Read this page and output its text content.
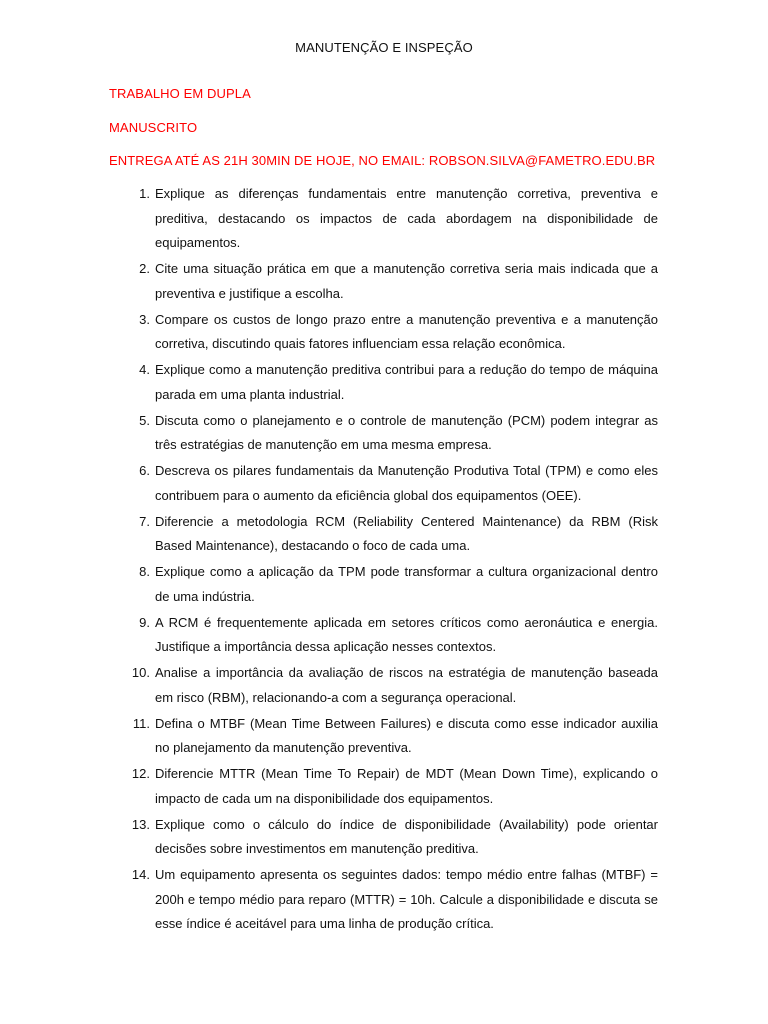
MANUTENÇÃO E INSPEÇÃO
TRABALHO EM DUPLA
MANUSCRITO
ENTREGA ATÉ AS 21H 30MIN DE HOJE, NO EMAIL: ROBSON.SILVA@FAMETRO.EDU.BR
1. Explique as diferenças fundamentais entre manutenção corretiva, preventiva e preditiva, destacando os impactos de cada abordagem na disponibilidade de equipamentos.
2. Cite uma situação prática em que a manutenção corretiva seria mais indicada que a preventiva e justifique a escolha.
3. Compare os custos de longo prazo entre a manutenção preventiva e a manutenção corretiva, discutindo quais fatores influenciam essa relação econômica.
4. Explique como a manutenção preditiva contribui para a redução do tempo de máquina parada em uma planta industrial.
5. Discuta como o planejamento e o controle de manutenção (PCM) podem integrar as três estratégias de manutenção em uma mesma empresa.
6. Descreva os pilares fundamentais da Manutenção Produtiva Total (TPM) e como eles contribuem para o aumento da eficiência global dos equipamentos (OEE).
7. Diferencie a metodologia RCM (Reliability Centered Maintenance) da RBM (Risk Based Maintenance), destacando o foco de cada uma.
8. Explique como a aplicação da TPM pode transformar a cultura organizacional dentro de uma indústria.
9. A RCM é frequentemente aplicada em setores críticos como aeronáutica e energia. Justifique a importância dessa aplicação nesses contextos.
10. Analise a importância da avaliação de riscos na estratégia de manutenção baseada em risco (RBM), relacionando-a com a segurança operacional.
11. Defina o MTBF (Mean Time Between Failures) e discuta como esse indicador auxilia no planejamento da manutenção preventiva.
12. Diferencie MTTR (Mean Time To Repair) de MDT (Mean Down Time), explicando o impacto de cada um na disponibilidade dos equipamentos.
13. Explique como o cálculo do índice de disponibilidade (Availability) pode orientar decisões sobre investimentos em manutenção preditiva.
14. Um equipamento apresenta os seguintes dados: tempo médio entre falhas (MTBF) = 200h e tempo médio para reparo (MTTR) = 10h. Calcule a disponibilidade e discuta se esse índice é aceitável para uma linha de produção crítica.
